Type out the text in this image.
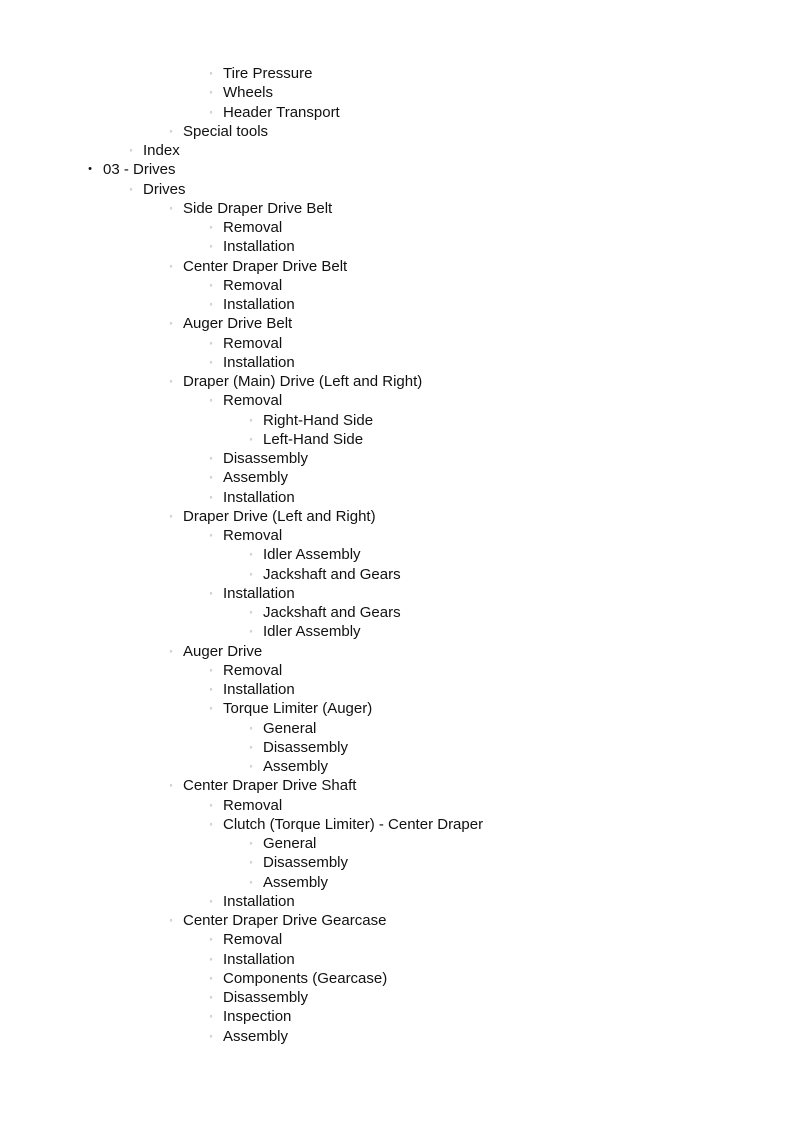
◦ Tire Pressure
◦ Wheels
◦ Header Transport
◦ Special tools
◦ Index
• 03 - Drives
◦ Drives
◦ Side Draper Drive Belt
◦ Removal
◦ Installation
◦ Center Draper Drive Belt
◦ Removal
◦ Installation
◦ Auger Drive Belt
◦ Removal
◦ Installation
◦ Draper (Main) Drive (Left and Right)
◦ Removal
◦ Right-Hand Side
◦ Left-Hand Side
◦ Disassembly
◦ Assembly
◦ Installation
◦ Draper Drive (Left and Right)
◦ Removal
◦ Idler Assembly
◦ Jackshaft and Gears
◦ Installation
◦ Jackshaft and Gears
◦ Idler Assembly
◦ Auger Drive
◦ Removal
◦ Installation
◦ Torque Limiter (Auger)
◦ General
◦ Disassembly
◦ Assembly
◦ Center Draper Drive Shaft
◦ Removal
◦ Clutch (Torque Limiter) - Center Draper
◦ General
◦ Disassembly
◦ Assembly
◦ Installation
◦ Center Draper Drive Gearcase
◦ Removal
◦ Installation
◦ Components (Gearcase)
◦ Disassembly
◦ Inspection
◦ Assembly
